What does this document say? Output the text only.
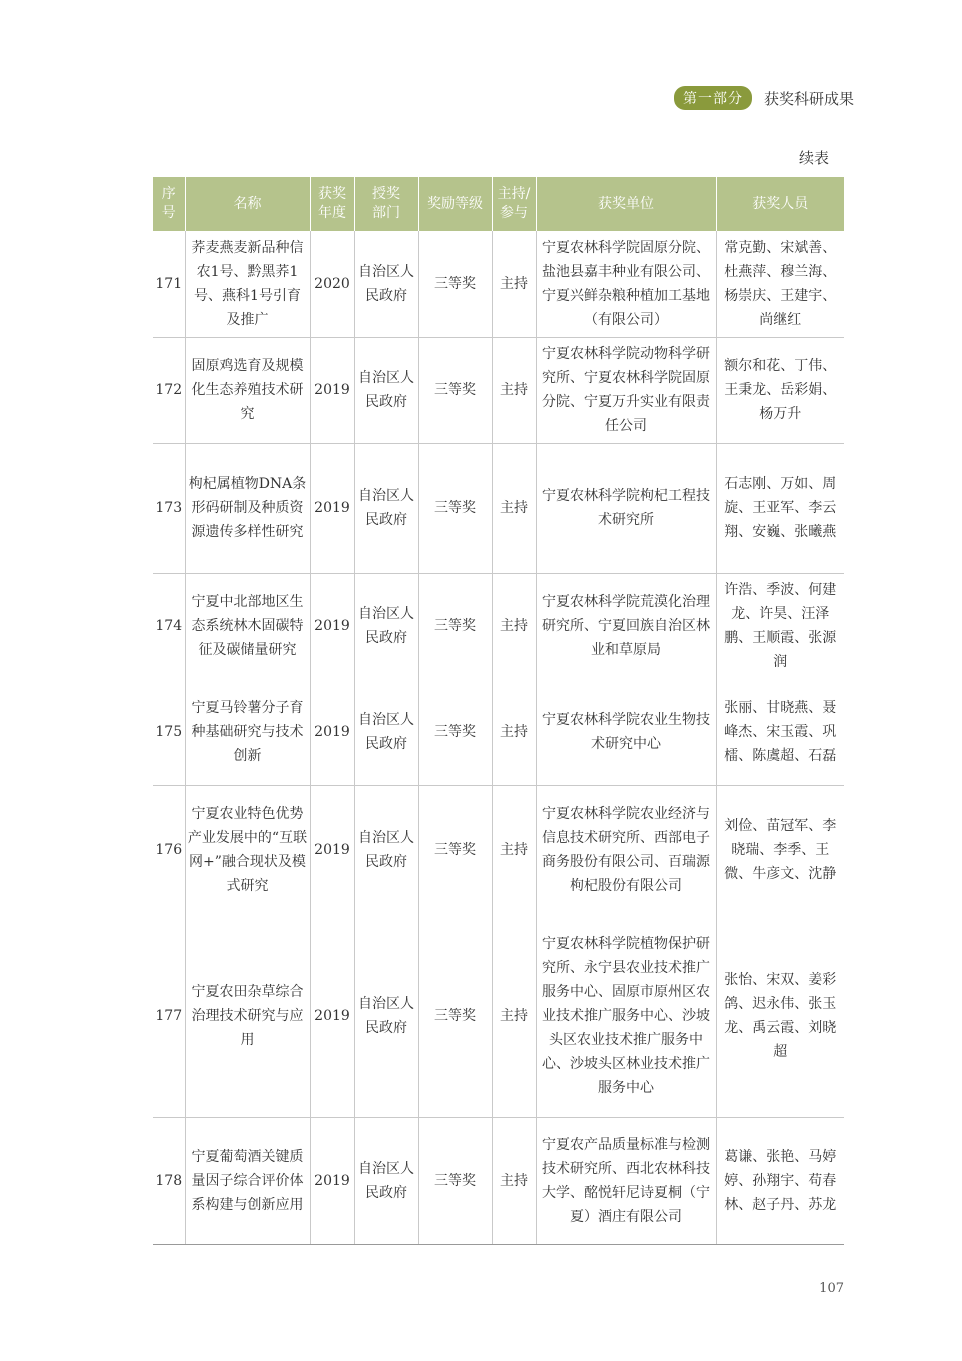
第一部分	获奖科研成果
续表
序号	名称	获奖年度	授奖部门	奖励等级	主持/参与	获奖单位	获奖人员
171	荞麦燕麦新品种信农1号、黔黑荞1号、燕科1号引育及推广	2020	自治区人民政府	三等奖	主持	宁夏农林科学院固原分院、盐池县嘉丰种业有限公司、宁夏兴鲜杂粮种植加工基地（有限公司）	常克勤、宋斌善、杜燕萍、穆兰海、杨崇庆、王建宇、尚继红
172	固原鸡选育及规模化生态养殖技术研究	2019	自治区人民政府	三等奖	主持	宁夏农林科学院动物科学研究所、宁夏农林科学院固原分院、宁夏万升实业有限责任公司	额尔和花、丁伟、王秉龙、岳彩娟、杨万升
173	枸杞属植物DNA条形码研制及种质资源遗传多样性研究	2019	自治区人民政府	三等奖	主持	宁夏农林科学院枸杞工程技术研究所	石志刚、万如、周旋、王亚军、李云翔、安巍、张曦燕
174	宁夏中北部地区生态系统林木固碳特征及碳储量研究	2019	自治区人民政府	三等奖	主持	宁夏农林科学院荒漠化治理研究所、宁夏回族自治区林业和草原局	许浩、季波、何建龙、许昊、汪泽鹏、王顺霞、张源润
175	宁夏马铃薯分子育种基础研究与技术创新	2019	自治区人民政府	三等奖	主持	宁夏农林科学院农业生物技术研究中心	张丽、甘晓燕、聂峰杰、宋玉霞、巩檑、陈虞超、石磊
176	宁夏农业特色优势产业发展中的“互联网+”融合现状及模式研究	2019	自治区人民政府	三等奖	主持	宁夏农林科学院农业经济与信息技术研究所、西部电子商务股份有限公司、百瑞源枸杞股份有限公司	刘俭、苗冠军、李晓瑞、李季、王微、牛彦文、沈静
177	宁夏农田杂草综合治理技术研究与应用	2019	自治区人民政府	三等奖	主持	宁夏农林科学院植物保护研究所、永宁县农业技术推广服务中心、固原市原州区农业技术推广服务中心、沙坡头区农业技术推广服务中心、沙坡头区林业技术推广服务中心	张怡、宋双、姜彩鸽、迟永伟、张玉龙、禹云霞、刘晓超
178	宁夏葡萄酒关键质量因子综合评价体系构建与创新应用	2019	自治区人民政府	三等奖	主持	宁夏农产品质量标准与检测技术研究所、西北农林科技大学、酩悦轩尼诗夏桐（宁夏）酒庄有限公司	葛谦、张艳、马婷婷、孙翔宇、苟春林、赵子丹、苏龙
107
